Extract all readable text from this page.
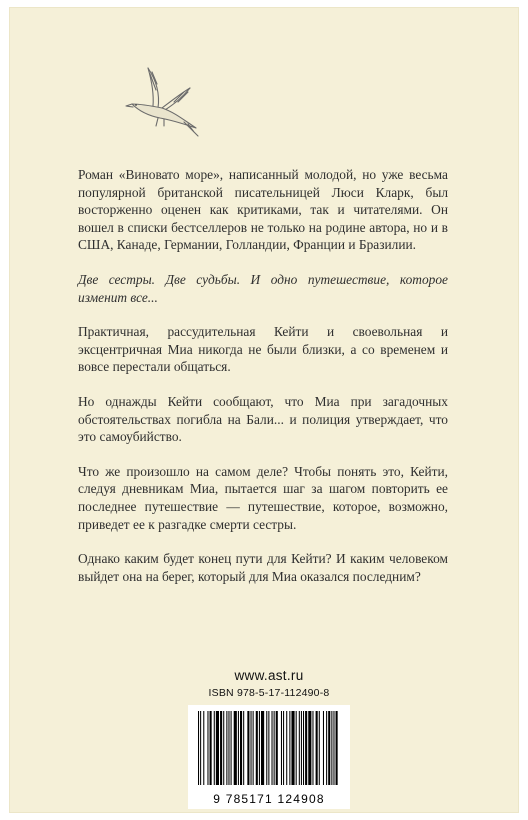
Роман «Виновато море», написанный молодой, но уже весьма популярной британской писательницей Люси Кларк, был восторженно оценен как критиками, так и читателями. Он вошел в списки бестселлеров не только на родине автора, но и в США, Канаде, Германии, Голландии, Франции и Бразилии.

Две сестры. Две судьбы. И одно путешествие, которое изменит все...

Практичная, рассудительная Кейти и своевольная и эксцентричная Миа никогда не были близки, а со временем и вовсе перестали общаться.

Но однажды Кейти сообщают, что Миа при загадочных обстоятельствах погибла на Бали... и полиция утверждает, что это самоубийство.

Что же произошло на самом деле? Чтобы понять это, Кейти, следуя дневникам Миа, пытается шаг за шагом повторить ее последнее путешествие — путешествие, которое, возможно, приведет ее к разгадке смерти сестры.

Однако каким будет конец пути для Кейти? И каким человеком выйдет она на берег, который для Миа оказался последним?

www.ast.ru
ISBN 978-5-17-112490-8
9 785171 124908
